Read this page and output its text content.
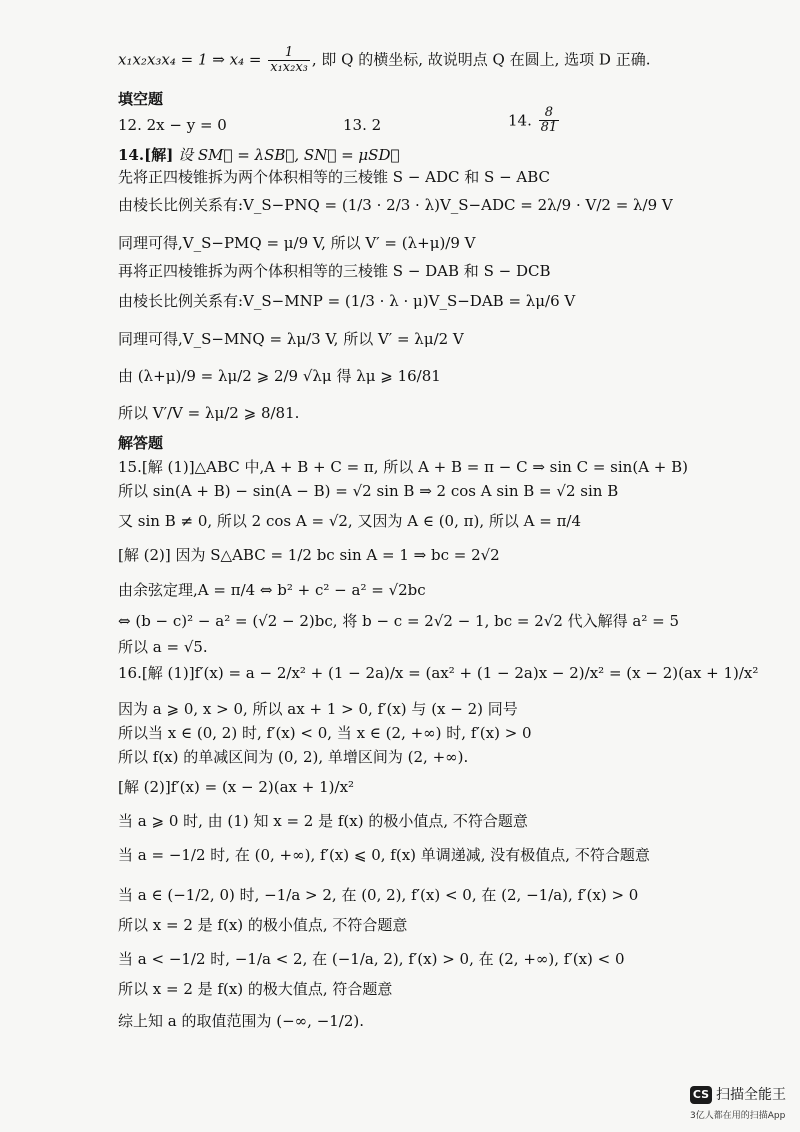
x₁x₂x₃x₄ = 1 ⇒ $x_4 = \frac{1}{\text{x₁x₂x₃}}$ , 即 Q 的横坐标, 故说明点 Q 在圆上, 选项 D 正确.
填空题
12. 2x − y = 0	13. 2	14. $\frac{8}{81}$
14.[解] 设 SM⃗ = λSB⃗, SN⃗ = μSD⃗
先将正四棱锥拆为两个体积相等的三棱锥 S − ADC 和 S − ABC
由棱长比例关系有:V_S−PNQ = (1/3 · 2/3 · λ)V_S−ADC = 2λ/9 · V/2 = λ/9 V
同理可得,V_S−PMQ = μ/9 V, 所以 V′ = (λ+μ)/9 V
再将正四棱锥拆为两个体积相等的三棱锥 S − DAB 和 S − DCB
由棱长比例关系有:V_S−MNP = (1/3 · λ · μ)V_S−DAB = λμ/6 V
同理可得,V_S−MNQ = λμ/3 V, 所以 V′ = λμ/2 V
由 (λ+μ)/9 = λμ/2 ⩾ 2/9 √λμ 得 λμ ⩾ 16/81
所以 V′/V = λμ/2 ⩾ 8/81.
解答题
15.[解 (1)]△ABC 中,A + B + C = π, 所以 A + B = π − C ⇒ sin C = sin(A + B)
所以 sin(A + B) − sin(A − B) = √2 sin B ⇒ 2 cos A sin B = √2 sin B
又 sin B ≠ 0, 所以 2 cos A = √2, 又因为 A ∈ (0, π), 所以 A = π/4
[解 (2)] 因为 S△ABC = 1/2 bc sin A = 1 ⇒ bc = 2√2
由余弦定理,A = π/4 ⇔ b² + c² − a² = √2bc
⇔ (b − c)² − a² = (√2 − 2)bc, 将 b − c = 2√2 − 1, bc = 2√2 代入解得 a² = 5
所以 a = √5.
16.[解 (1)]f′(x) = a − 2/x² + (1 − 2a)/x = (ax² + (1 − 2a)x − 2)/x² = (x − 2)(ax + 1)/x²
因为 a ⩾ 0, x > 0, 所以 ax + 1 > 0, f′(x) 与 (x − 2) 同号
所以当 x ∈ (0, 2) 时, f′(x) < 0, 当 x ∈ (2, +∞) 时, f′(x) > 0
所以 f(x) 的单减区间为 (0, 2), 单增区间为 (2, +∞).
[解 (2)]f′(x) = (x − 2)(ax + 1)/x²
当 a ⩾ 0 时, 由 (1) 知 x = 2 是 f(x) 的极小值点, 不符合题意
当 a = −1/2 时, 在 (0, +∞), f′(x) ⩽ 0, f(x) 单调递减, 没有极值点, 不符合题意
当 a ∈ (−1/2, 0) 时, −1/a > 2, 在 (0, 2), f′(x) < 0, 在 (2, −1/a), f′(x) > 0
所以 x = 2 是 f(x) 的极小值点, 不符合题意
当 a < −1/2 时, −1/a < 2, 在 (−1/a, 2), f′(x) > 0, 在 (2, +∞), f′(x) < 0
所以 x = 2 是 f(x) 的极大值点, 符合题意
综上知 a 的取值范围为 (−∞, −1/2).
CS 扫描全能王
3亿人都在用的扫描App
